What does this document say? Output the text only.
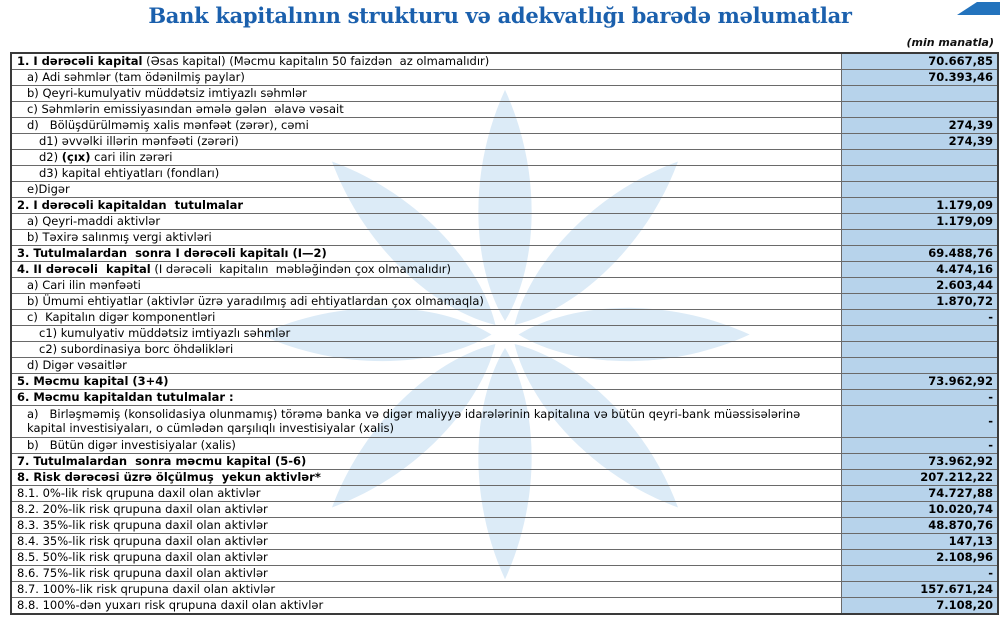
Bank kapitalının strukturu və adekvatlığı barədə məlumatlar
(min manatla)
1. I dərəcəli kapital (Əsas kapital) (Məcmu kapitalın 50 faizdən  az olmamalıdır)	70.667,85
a) Adi səhmlər (tam ödənilmiş paylar)	70.393,46
b) Qeyri-kumulyativ müddətsiz imtiyazlı səhmlər
c) Səhmlərin emissiyasından əmələ gələn  əlavə vəsait
d)   Bölüşdürülməmiş xalis mənfəət (zərər), cəmi	274,39
d1) əvvəlki illərin mənfəəti (zərəri)	274,39
d2) (çıx) cari ilin zərəri
d3) kapital ehtiyatları (fondları)
e)Digər
2. I dərəcəli kapitaldan  tutulmalar	1.179,09
a) Qeyri-maddi aktivlər	1.179,09
b) Təxirə salınmış vergi aktivləri
3. Tutulmalardan  sonra I dərəcəli kapitalı (I—2)	69.488,76
4. II dərəcəli  kapital (I dərəcəli  kapitalın  məbləğindən çox olmamalıdır)	4.474,16
a) Cari ilin mənfəəti	2.603,44
b) Ümumi ehtiyatlar (aktivlər üzrə yaradılmış adi ehtiyatlardan çox olmamaqla)	1.870,72
c)  Kapitalın digər komponentləri	-
c1) kumulyativ müddətsiz imtiyazlı səhmlər
c2) subordinasiya borc öhdəlikləri
d) Digər vəsaitlər
5. Məcmu kapital (3+4)	73.962,92
6. Məcmu kapitaldan tutulmalar :	-
a)   Birləşməmiş (konsolidasiya olunmamış) törəmə banka və digər maliyyə idarələrinin kapitalına və bütün qeyri-bank müəssisələrinə kapital investisiyaları, o cümlədən qarşılıqlı investisiyalar (xalis)	-
b)   Bütün digər investisiyalar (xalis)	-
7. Tutulmalardan  sonra məcmu kapital (5-6)	73.962,92
8. Risk dərəcəsi üzrə ölçülmuş  yekun aktivlər*	207.212,22
8.1. 0%-lik risk qrupuna daxil olan aktivlər	74.727,88
8.2. 20%-lik risk qrupuna daxil olan aktivlər	10.020,74
8.3. 35%-lik risk qrupuna daxil olan aktivlər	48.870,76
8.4. 35%-lik risk qrupuna daxil olan aktivlər	147,13
8.5. 50%-lik risk qrupuna daxil olan aktivlər	2.108,96
8.6. 75%-lik risk qrupuna daxil olan aktivlər	-
8.7. 100%-lik risk qrupuna daxil olan aktivlər	157.671,24
8.8. 100%-dən yuxarı risk qrupuna daxil olan aktivlər	7.108,20
